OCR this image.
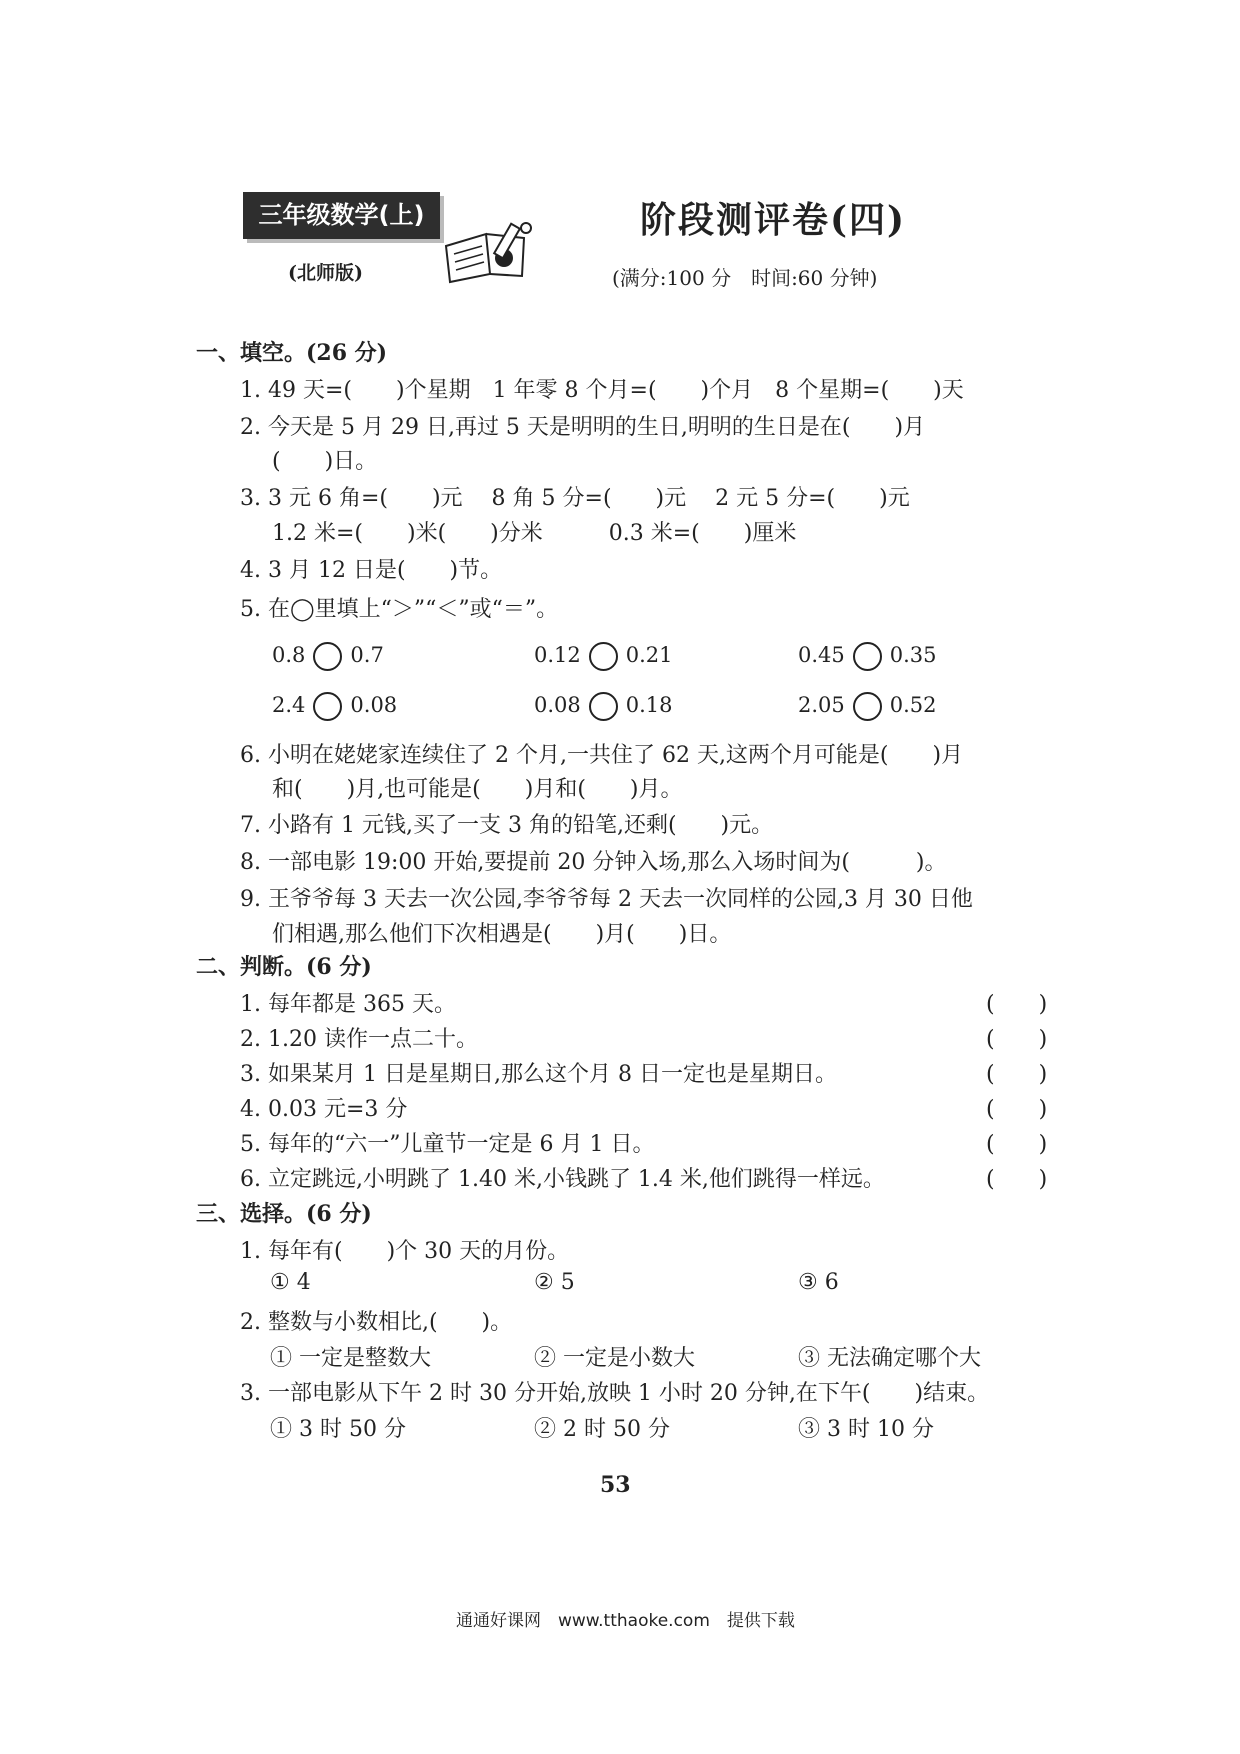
三年级数学(上)
(北师版)
阶段测评卷(四)
(满分:100 分　时间:60 分钟)
一、填空。(26 分)
1. 49 天=(　　)个星期　1 年零 8 个月=(　　)个月　8 个星期=(　　)天
2. 今天是 5 月 29 日,再过 5 天是明明的生日,明明的生日是在(　　)月
(　　)日。
3. 3 元 6 角=(　　)元　 8 角 5 分=(　　)元　 2 元 5 分=(　　)元
1.2 米=(　　)米(　　)分米　　　0.3 米=(　　)厘米
4. 3 月 12 日是(　　)节。
5. 在◯里填上“＞”“＜”或“＝”。
0.8 0.7	0.12 0.21	0.45 0.35
2.4 0.08	0.08 0.18	2.05 0.52
6. 小明在姥姥家连续住了 2 个月,一共住了 62 天,这两个月可能是(　　)月
和(　　)月,也可能是(　　)月和(　　)月。
7. 小路有 1 元钱,买了一支 3 角的铅笔,还剩(　　)元。
8. 一部电影 19:00 开始,要提前 20 分钟入场,那么入场时间为(　　　)。
9. 王爷爷每 3 天去一次公园,李爷爷每 2 天去一次同样的公园,3 月 30 日他
们相遇,那么他们下次相遇是(　　)月(　　)日。
二、判断。(6 分)
1. 每年都是 365 天。	(　　)
2. 1.20 读作一点二十。	(　　)
3. 如果某月 1 日是星期日,那么这个月 8 日一定也是星期日。	(　　)
4. 0.03 元=3 分	(　　)
5. 每年的“六一”儿童节一定是 6 月 1 日。	(　　)
6. 立定跳远,小明跳了 1.40 米,小钱跳了 1.4 米,他们跳得一样远。	(　　)
三、选择。(6 分)
1. 每年有(　　)个 30 天的月份。
① 4	② 5	③ 6
2. 整数与小数相比,(　　)。
① 一定是整数大	② 一定是小数大	③ 无法确定哪个大
3. 一部电影从下午 2 时 30 分开始,放映 1 小时 20 分钟,在下午(　　)结束。
① 3 时 50 分	② 2 时 50 分	③ 3 时 10 分
53
通通好课网　www.tthaoke.com　提供下载
